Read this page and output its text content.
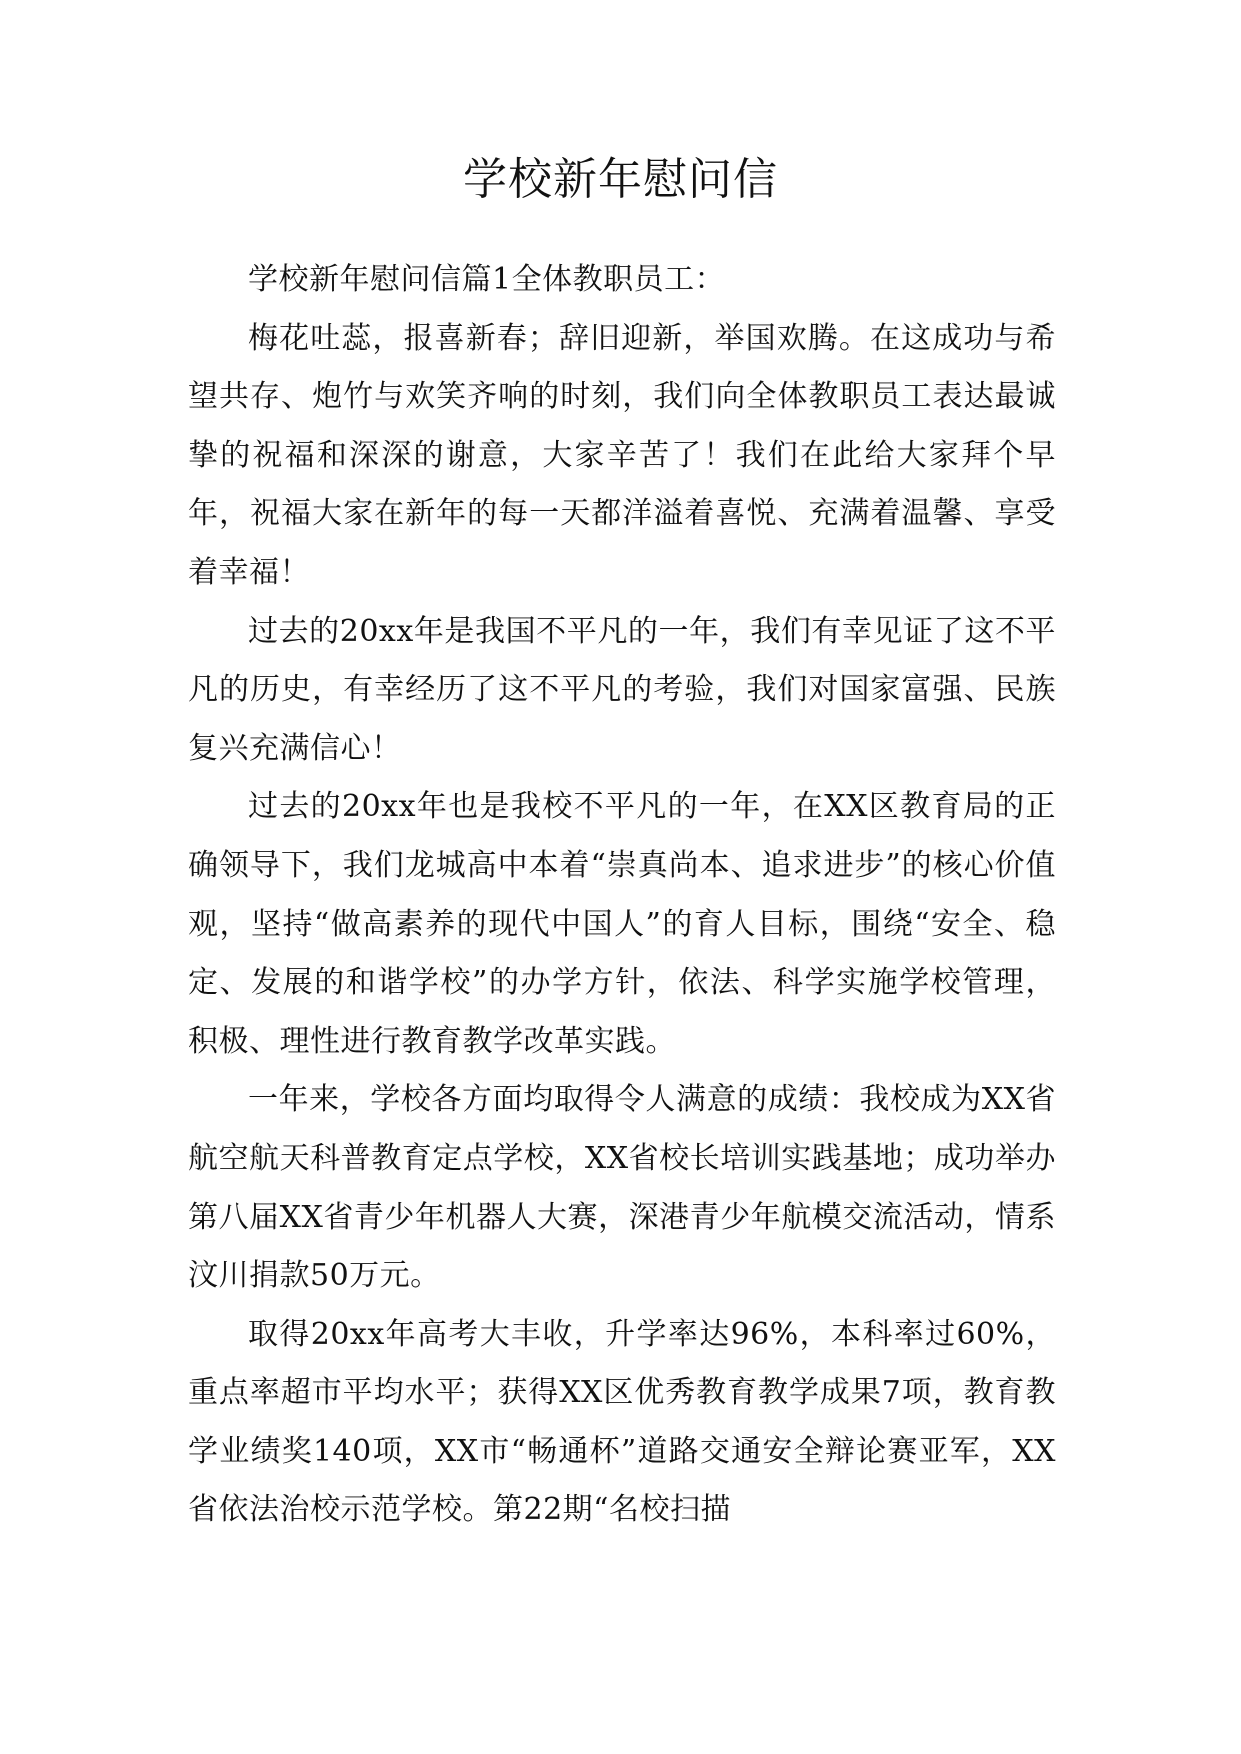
学校新年慰问信

学校新年慰问信篇1全体教职员工：

梅花吐蕊，报喜新春；辞旧迎新，举国欢腾。在这成功与希望共存、炮竹与欢笑齐响的时刻，我们向全体教职员工表达最诚挚的祝福和深深的谢意，大家辛苦了！我们在此给大家拜个早年，祝福大家在新年的每一天都洋溢着喜悦、充满着温馨、享受着幸福！

过去的20xx年是我国不平凡的一年，我们有幸见证了这不平凡的历史，有幸经历了这不平凡的考验，我们对国家富强、民族复兴充满信心！

过去的20xx年也是我校不平凡的一年，在XX区教育局的正确领导下，我们龙城高中本着“崇真尚本、追求进步”的核心价值观，坚持“做高素养的现代中国人”的育人目标，围绕“安全、稳定、发展的和谐学校”的办学方针，依法、科学实施学校管理，积极、理性进行教育教学改革实践。

一年来，学校各方面均取得令人满意的成绩：我校成为XX省航空航天科普教育定点学校，XX省校长培训实践基地；成功举办第八届XX省青少年机器人大赛，深港青少年航模交流活动，情系汶川捐款50万元。

取得20xx年高考大丰收，升学率达96%，本科率过60%，重点率超市平均水平；获得XX区优秀教育教学成果7项，教育教学业绩奖140项，XX市“畅通杯”道路交通安全辩论赛亚军，XX省依法治校示范学校。第22期“名校扫描
